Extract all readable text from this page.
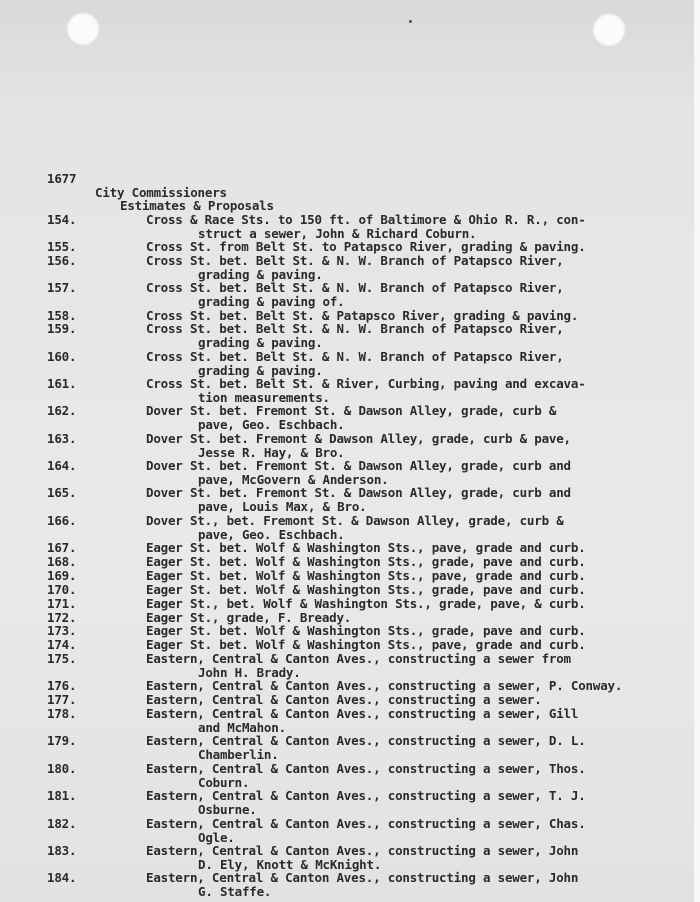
1677
City Commissioners
Estimates & Proposals
154.	Cross & Race Sts. to 150 ft. of Baltimore & Ohio R. R., con-
struct a sewer, John & Richard Coburn.
155.	Cross St. from Belt St. to Patapsco River, grading & paving.
156.	Cross St. bet. Belt St. & N. W. Branch of Patapsco River,
grading & paving.
157.	Cross St. bet. Belt St. & N. W. Branch of Patapsco River,
grading & paving of.
158.	Cross St. bet. Belt St. & Patapsco River, grading & paving.
159.	Cross St. bet. Belt St. & N. W. Branch of Patapsco River,
grading & paving.
160.	Cross St. bet. Belt St. & N. W. Branch of Patapsco River,
grading & paving.
161.	Cross St. bet. Belt St. & River, Curbing, paving and excava-
tion measurements.
162.	Dover St. bet. Fremont St. & Dawson Alley, grade, curb &
pave, Geo. Eschbach.
163.	Dover St. bet. Fremont & Dawson Alley, grade, curb & pave,
Jesse R. Hay, & Bro.
164.	Dover St. bet. Fremont St. & Dawson Alley, grade, curb and
pave, McGovern & Anderson.
165.	Dover St. bet. Fremont St. & Dawson Alley, grade, curb and
pave, Louis Max, & Bro.
166.	Dover St., bet. Fremont St. & Dawson Alley, grade, curb &
pave, Geo. Eschbach.
167.	Eager St. bet. Wolf & Washington Sts., pave, grade and curb.
168.	Eager St. bet. Wolf & Washington Sts., grade, pave and curb.
169.	Eager St. bet. Wolf & Washington Sts., pave, grade and curb.
170.	Eager St. bet. Wolf & Washington Sts., grade, pave and curb.
171.	Eager St., bet. Wolf & Washington Sts., grade, pave, & curb.
172.	Eager St., grade, F. Bready.
173.	Eager St. bet. Wolf & Washington Sts., grade, pave and curb.
174.	Eager St. bet. Wolf & Washington Sts., pave, grade and curb.
175.	Eastern, Central & Canton Aves., constructing a sewer from
John H. Brady.
176.	Eastern, Central & Canton Aves., constructing a sewer, P. Conway.
177.	Eastern, Central & Canton Aves., constructing a sewer.
178.	Eastern, Central & Canton Aves., constructing a sewer, Gill
and McMahon.
179.	Eastern, Central & Canton Aves., constructing a sewer, D. L.
Chamberlin.
180.	Eastern, Central & Canton Aves., constructing a sewer, Thos.
Coburn.
181.	Eastern, Central & Canton Aves., constructing a sewer, T. J.
Osburne.
182.	Eastern, Central & Canton Aves., constructing a sewer, Chas.
Ogle.
183.	Eastern, Central & Canton Aves., constructing a sewer, John
D. Ely, Knott & McKnight.
184.	Eastern, Central & Canton Aves., constructing a sewer, John
G. Staffe.
